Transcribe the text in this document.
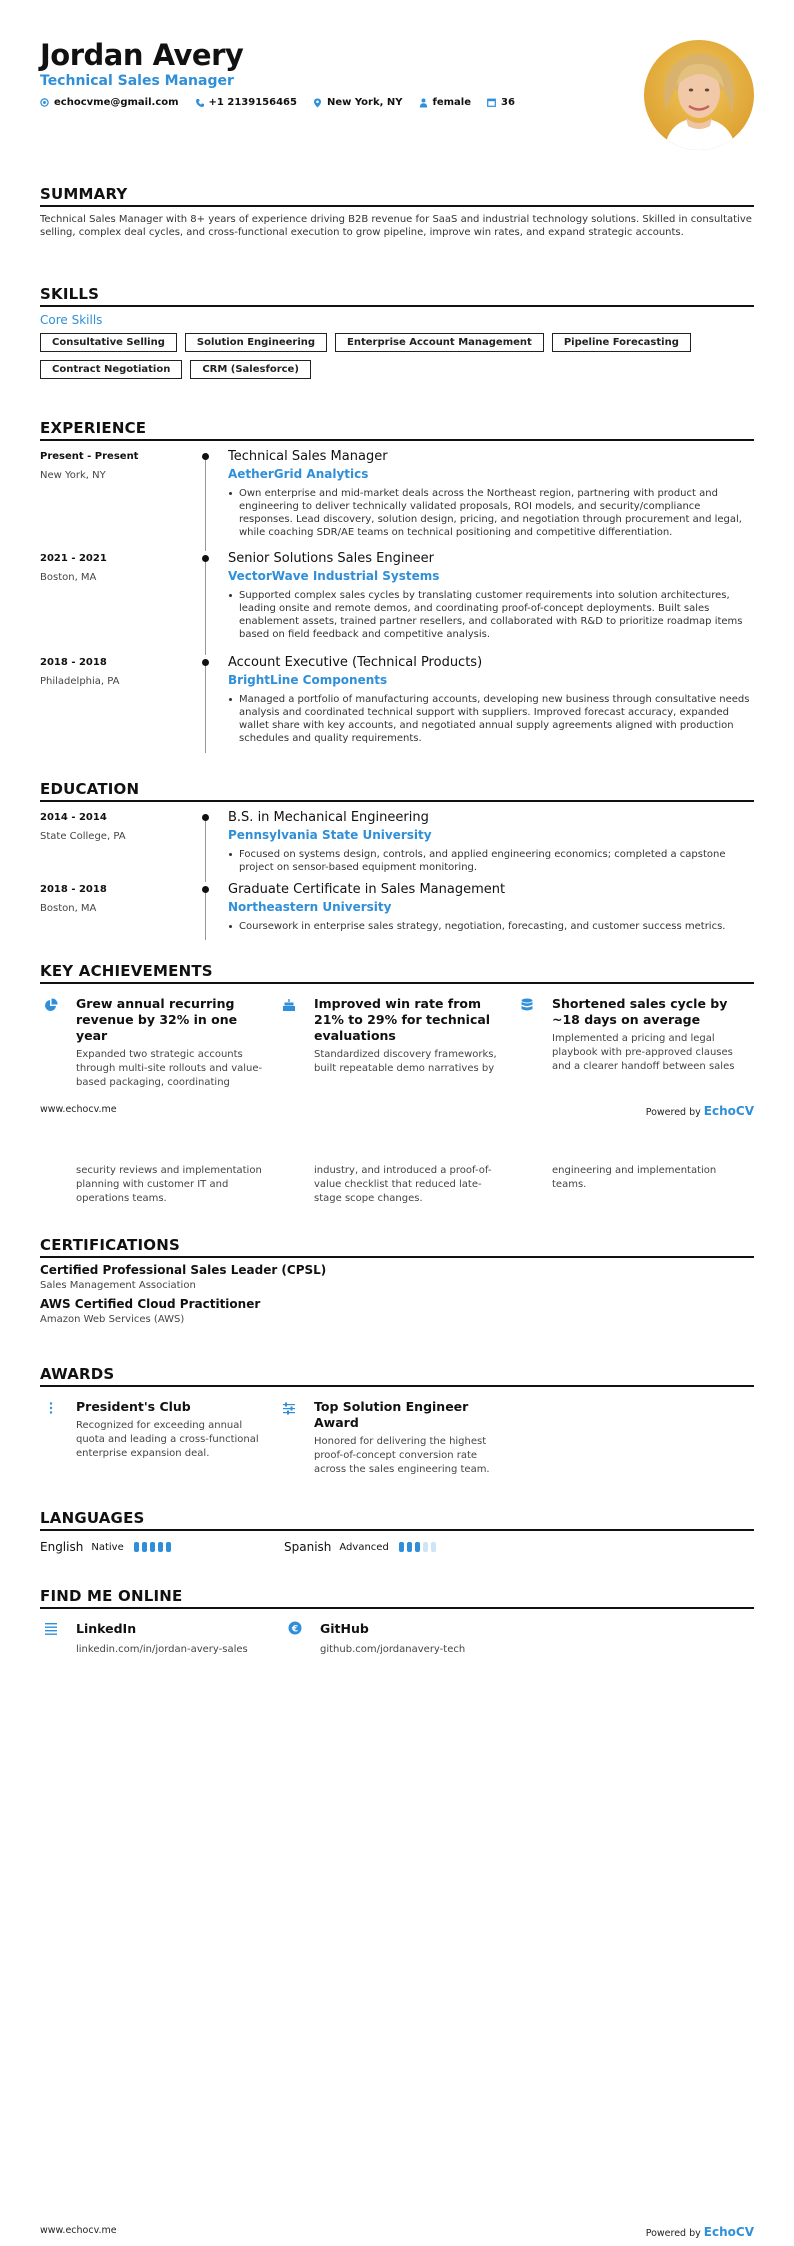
Jordan Avery
Technical Sales Manager
echocvme@gmail.com	+1 2139156465	New York, NY	female	36
SUMMARY
Technical Sales Manager with 8+ years of experience driving B2B revenue for SaaS and industrial technology solutions. Skilled in consultative selling, complex deal cycles, and cross-functional execution to grow pipeline, improve win rates, and expand strategic accounts.
SKILLS
Core Skills
Consultative Selling	Solution Engineering	Enterprise Account Management	Pipeline Forecasting
Contract Negotiation	CRM (Salesforce)
EXPERIENCE
Present - Present
New York, NY
Technical Sales Manager
AetherGrid Analytics
Own enterprise and mid-market deals across the Northeast region, partnering with product and engineering to deliver technically validated proposals, ROI models, and security/compliance responses. Lead discovery, solution design, pricing, and negotiation through procurement and legal, while coaching SDR/AE teams on technical positioning and competitive differentiation.
2021 - 2021
Boston, MA
Senior Solutions Sales Engineer
VectorWave Industrial Systems
Supported complex sales cycles by translating customer requirements into solution architectures, leading onsite and remote demos, and coordinating proof-of-concept deployments. Built sales enablement assets, trained partner resellers, and collaborated with R&D to prioritize roadmap items based on field feedback and competitive analysis.
2018 - 2018
Philadelphia, PA
Account Executive (Technical Products)
BrightLine Components
Managed a portfolio of manufacturing accounts, developing new business through consultative needs analysis and coordinated technical support with suppliers. Improved forecast accuracy, expanded wallet share with key accounts, and negotiated annual supply agreements aligned with production schedules and quality requirements.
EDUCATION
2014 - 2014
State College, PA
B.S. in Mechanical Engineering
Pennsylvania State University
Focused on systems design, controls, and applied engineering economics; completed a capstone project on sensor-based equipment monitoring.
2018 - 2018
Boston, MA
Graduate Certificate in Sales Management
Northeastern University
Coursework in enterprise sales strategy, negotiation, forecasting, and customer success metrics.
KEY ACHIEVEMENTS
Grew annual recurring revenue by 32% in one year
Expanded two strategic accounts through multi-site rollouts and value-based packaging, coordinating
Improved win rate from 21% to 29% for technical evaluations
Standardized discovery frameworks, built repeatable demo narratives by
Shortened sales cycle by ~18 days on average
Implemented a pricing and legal playbook with pre-approved clauses and a clearer handoff between sales
www.echocv.me	Powered by EchoCV
security reviews and implementation planning with customer IT and operations teams.
industry, and introduced a proof-of-value checklist that reduced late-stage scope changes.
engineering and implementation teams.
CERTIFICATIONS
Certified Professional Sales Leader (CPSL)
Sales Management Association
AWS Certified Cloud Practitioner
Amazon Web Services (AWS)
AWARDS
President's Club
Recognized for exceeding annual quota and leading a cross-functional enterprise expansion deal.
Top Solution Engineer Award
Honored for delivering the highest proof-of-concept conversion rate across the sales engineering team.
LANGUAGES
English Native	Spanish Advanced
FIND ME ONLINE
LinkedIn
linkedin.com/in/jordan-avery-sales
€ GitHub
github.com/jordanavery-tech
www.echocv.me	Powered by EchoCV
